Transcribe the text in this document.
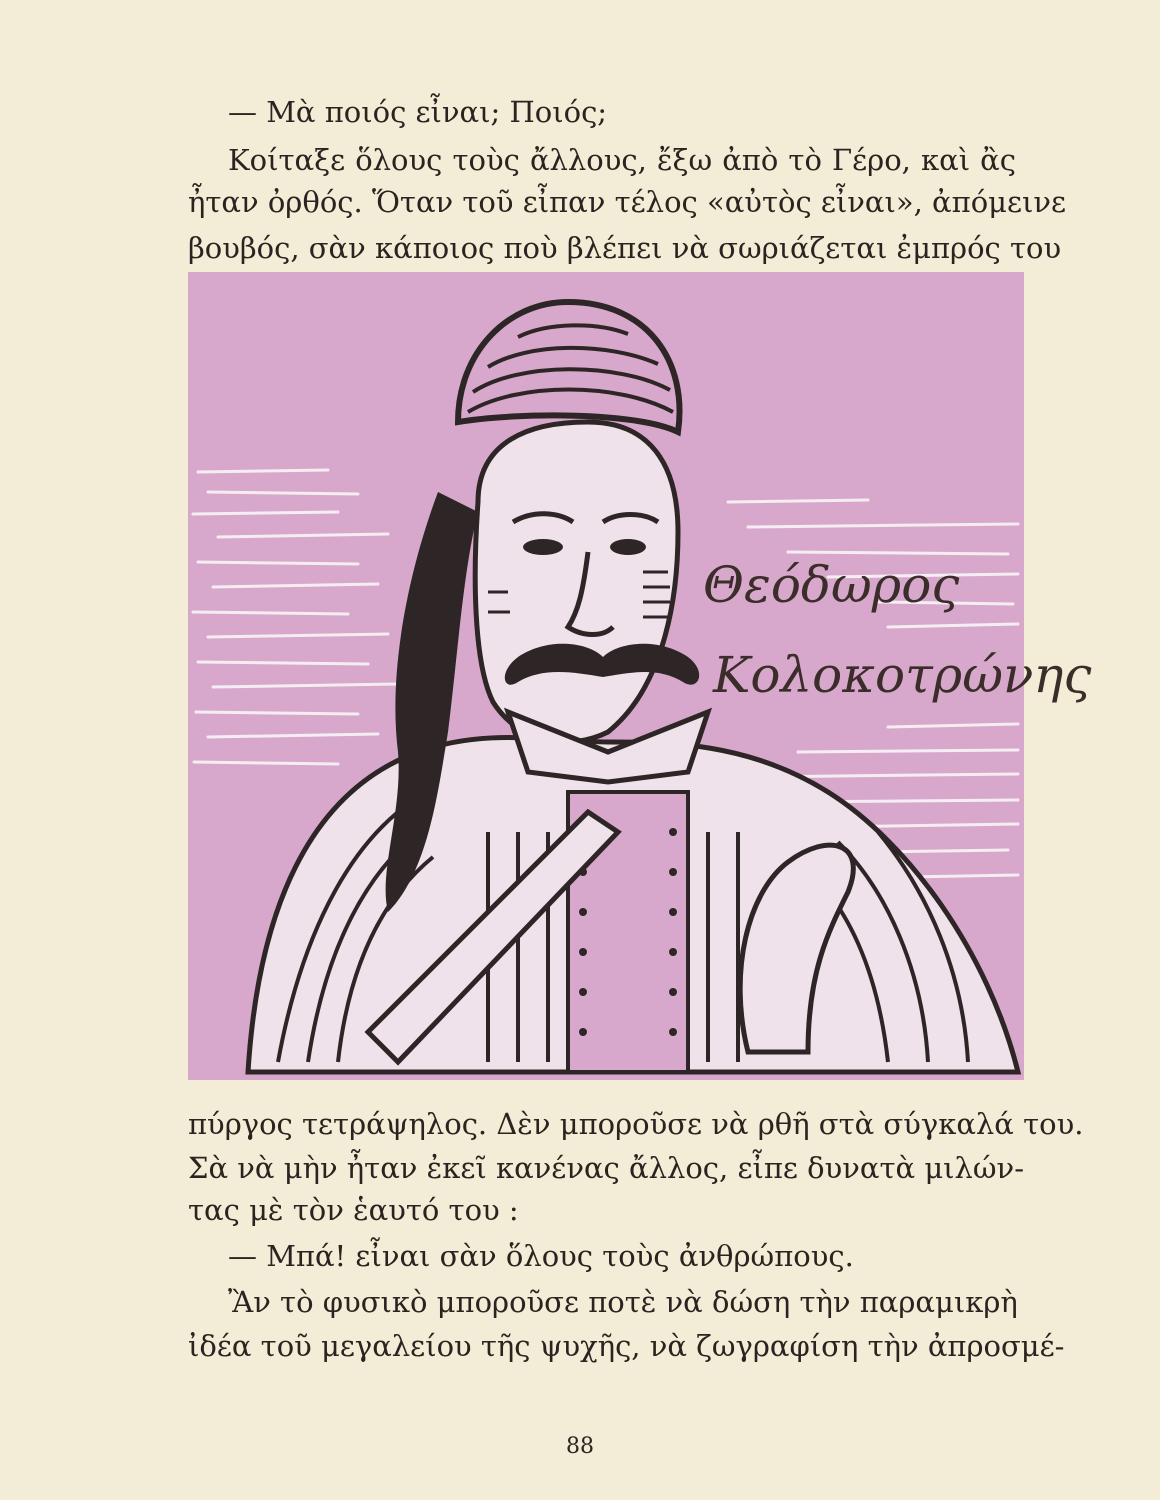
— Μὰ ποιός εἶναι; Ποιός;
Κοίταξε ὅλους τοὺς ἄλλους, ἔξω ἀπὸ τὸ Γέρο, καὶ ἂς
ἦταν ὀρθός. Ὅταν τοῦ εἶπαν τέλος «αὐτὸς εἶναι», ἀπόμεινε
βουβός, σὰν κάποιος ποὺ βλέπει νὰ σωριάζεται ἐμπρός του
Θεόδωρος
Κολοκοτρώνης
πύργος τετράψηλος. Δὲν μποροῦσε νὰ ρθῆ στὰ σύγκαλά του.
Σὰ νὰ μὴν ἦταν ἐκεῖ κανένας ἄλλος, εἶπε δυνατὰ μιλών-
τας μὲ τὸν ἑαυτό του :
— Μπά! εἶναι σὰν ὅλους τοὺς ἀνθρώπους.
Ἂν τὸ φυσικὸ μποροῦσε ποτὲ νὰ δώση τὴν παραμικρὴ
ἰδέα τοῦ μεγαλείου τῆς ψυχῆς, νὰ ζωγραφίση τὴν ἀπροσμέ-
88
